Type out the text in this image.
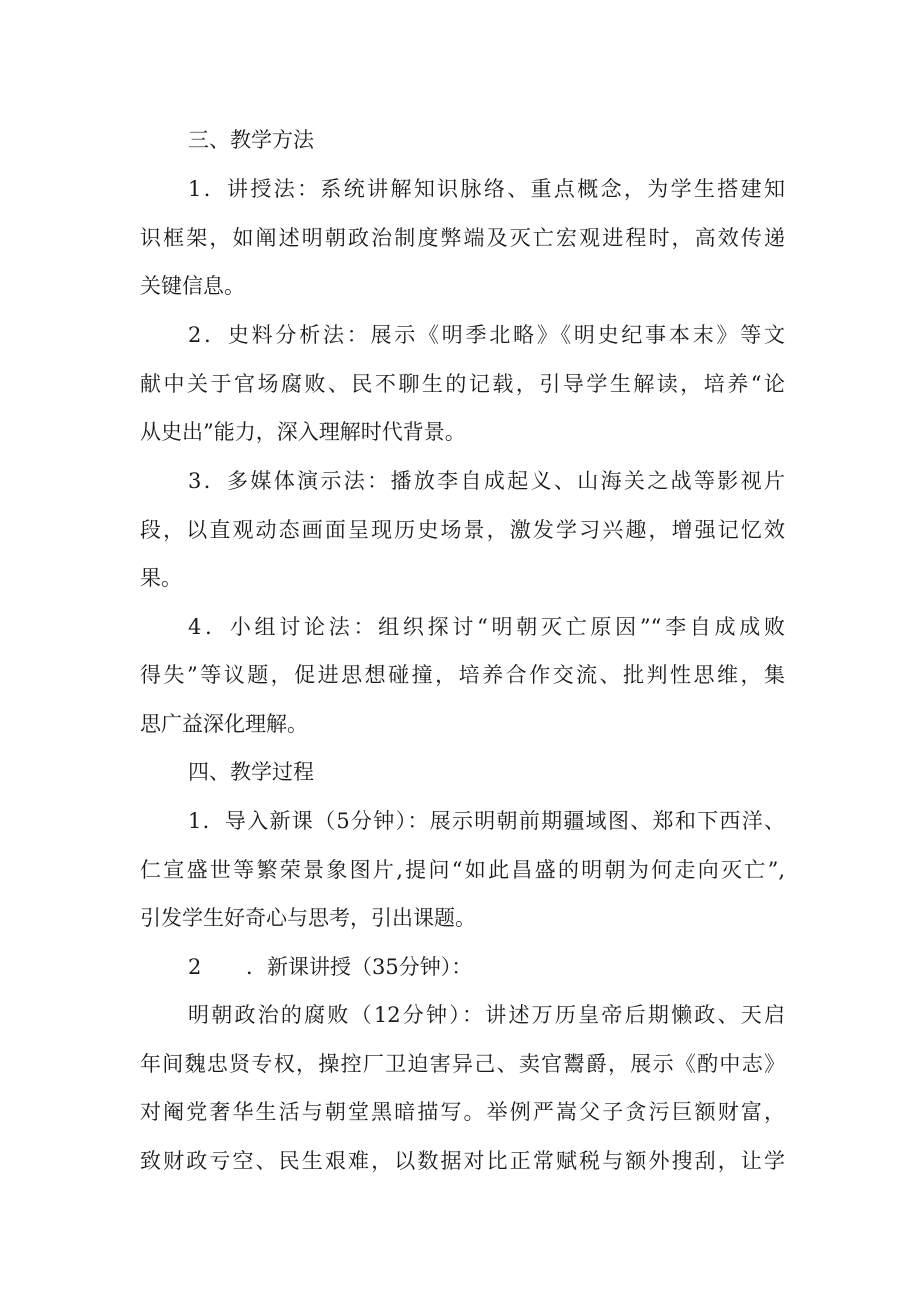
三、教学方法
1．讲授法：系统讲解知识脉络、重点概念，为学生搭建知
识框架，如阐述明朝政治制度弊端及灭亡宏观进程时，高效传递
关键信息。
2．史料分析法：展示《明季北略》《明史纪事本末》等文
献中关于官场腐败、民不聊生的记载，引导学生解读，培养“论
从史出”能力，深入理解时代背景。
3．多媒体演示法：播放李自成起义、山海关之战等影视片
段，以直观动态画面呈现历史场景，激发学习兴趣，增强记忆效
果。
4．小组讨论法：组织探讨“明朝灭亡原因”“李自成成败
得失”等议题，促进思想碰撞，培养合作交流、批判性思维，集
思广益深化理解。
四、教学过程
1．导入新课（5分钟）：展示明朝前期疆域图、郑和下西洋、
仁宣盛世等繁荣景象图片,提问“如此昌盛的明朝为何走向灭亡”,
引发学生好奇心与思考，引出课题。
2 ．新课讲授（35分钟）：
明朝政治的腐败（12分钟）：讲述万历皇帝后期懒政、天启
年间魏忠贤专权，操控厂卫迫害异己、卖官鬻爵，展示《酌中志》
对阉党奢华生活与朝堂黑暗描写。举例严嵩父子贪污巨额财富，
致财政亏空、民生艰难，以数据对比正常赋税与额外搜刮，让学
